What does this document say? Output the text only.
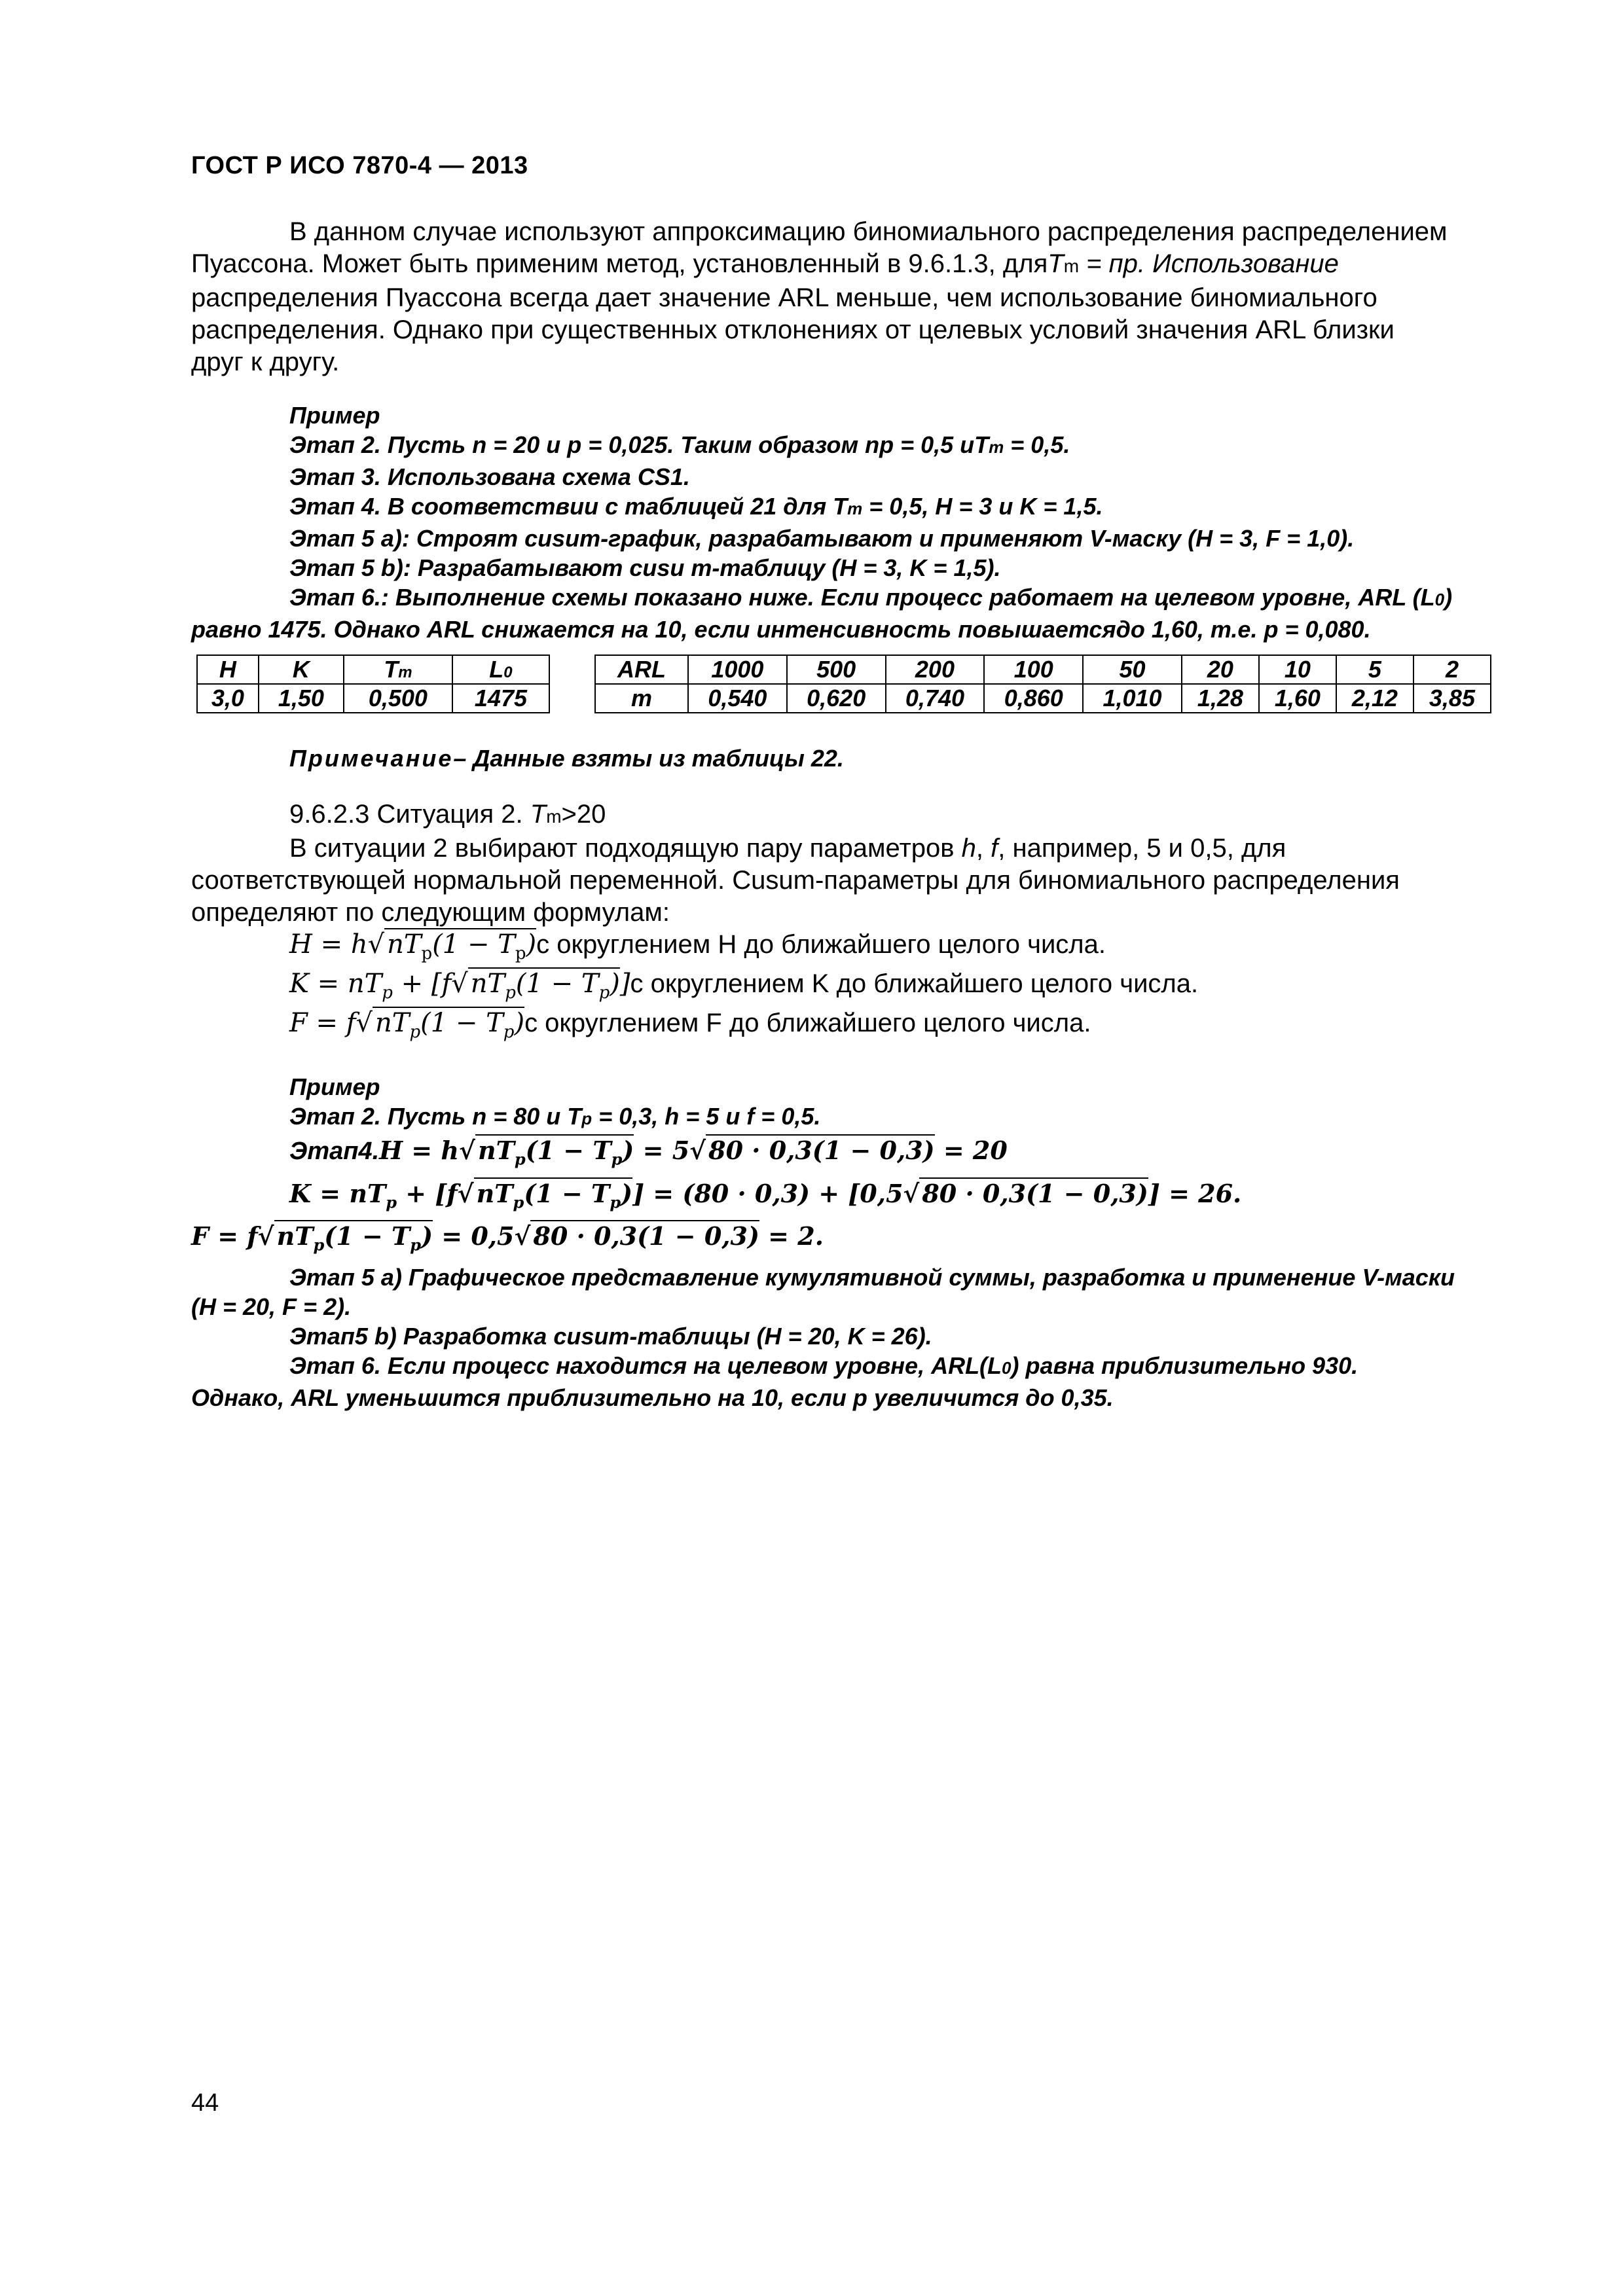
ГОСТ Р ИСО 7870-4 — 2013

В данном случае используют аппроксимацию биномиального распределения распределением

Пуассона. Может быть применим метод, установленный в 9.6.1.3, дляTm = пр. Использование

распределения Пуассона всегда дает значение ARL меньше, чем использование биномиального

распределения. Однако при существенных отклонениях от целевых условий значения ARL близки

друг к другу.

Пример

Этап 2. Пусть n = 20 и p = 0,025. Таким образом np = 0,5 иTm = 0,5.

Этап 3. Использована схема CS1.

Этап 4. В соответствии с таблицей 21 для Tm = 0,5, H = 3 и K = 1,5.

Этап 5 а): Строят cusum-график, разрабатывают и применяют V-маску (H = 3, F = 1,0).

Этап 5 b): Разрабатывают cusu m-таблицу (H = 3, K = 1,5).

Этап 6.: Выполнение схемы показано ниже. Если процесс работает на целевом уровне, ARL (L0)

равно 1475. Однако ARL снижается на 10, если интенсивность повышаетсядо 1,60, т.е. р = 0,080.

H	K	Tm	L0
3,0	1,50	0,500	1475
ARL	1000	500	200	100	50	20	10	5	2
m	0,540	0,620	0,740	0,860	1,010	1,28	1,60	2,12	3,85
Примечание– Данные взяты из таблицы 22.

9.6.2.3 Ситуация 2. Tm>20

В ситуации 2 выбирают подходящую пару параметров h, f, например, 5 и 0,5, для

соответствующей нормальной переменной. Cusum-параметры для биномиального распределения

определяют по следующим формулам:

H = h√ $nT_p(1 - T_p)с$ округлением H до ближайшего целого числа.
$K = nT_p + [f√$ $nT_p(1 - T_p)]с$ округлением K до ближайшего целого числа.
F = f√ $nT_p(1 - T_p)с$ округлением F до ближайшего целого числа.

Пример

Этап 2. Пусть n = 80 и Tp = 0,3, h = 5 и f = 0,5.

Этап4.H = h√ $nT_p(1 - T_p) = 5√$ 80 · 0,3(1 − 0,3) = 20

$K = nT_p + [f√$ $nT_p(1 - T_p)] = (80 \cdot 0,3) + [0,5√$ 80 · 0,3(1 − 0,3)] = 26.

F = f√ $nT_p(1 - T_p) = 0,5√$ 80 · 0,3(1 − 0,3) = 2.

Этап 5 a) Графическое представление кумулятивной суммы, разработка и применение V-маски

(H = 20, F = 2).

Этап5 b) Разработка cusum-таблицы (H = 20, K = 26).

Этап 6. Если процесс находится на целевом уровне, ARL(L0) равна приблизительно 930.

Однако, ARL уменьшится приблизительно на 10, если p увеличится до 0,35.

44
